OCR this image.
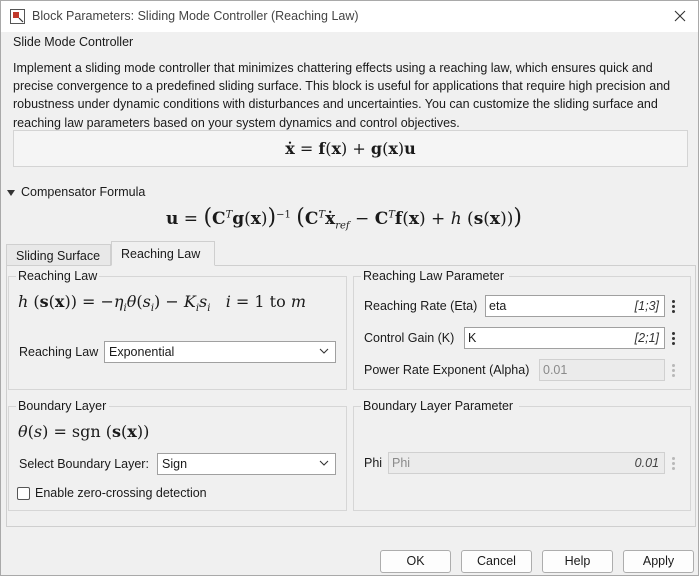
Block Parameters: Sliding Mode Controller (Reaching Law)
Slide Mode Controller
Implement a sliding mode controller that minimizes chattering effects using a reaching law, which ensures quick and precise convergence to a predefined sliding surface. This block is useful for applications that require high precision and robustness under dynamic conditions with disturbances and uncertainties. You can customize the sliding surface and reaching law parameters based on your system dynamics and control objectives.
ẋ = f(x) + g(x)u
Compensator Formula
$u = (C^Tg(x))^{-1}$ ($C^Tẋ_{ref} - C^Tf(x) + h$ (s(x)))
Sliding Surface	Reaching Law
Reaching Law
h $(s(x)) = -\eta_i\theta(s_i) - K_is_i$ i = 1 to m
Reaching Law Exponential
Reaching Law Parameter
Reaching Rate (Eta) eta	[1;3]
Control Gain (K)	K	[2;1]
Power Rate Exponent (Alpha)	0.01
Boundary Layer
θ(s) = sgn (s(x))
Select Boundary Layer:	Sign
Enable zero-crossing detection
Boundary Layer Parameter
Phi Phi	0.01
OK	Cancel	Help	Apply
